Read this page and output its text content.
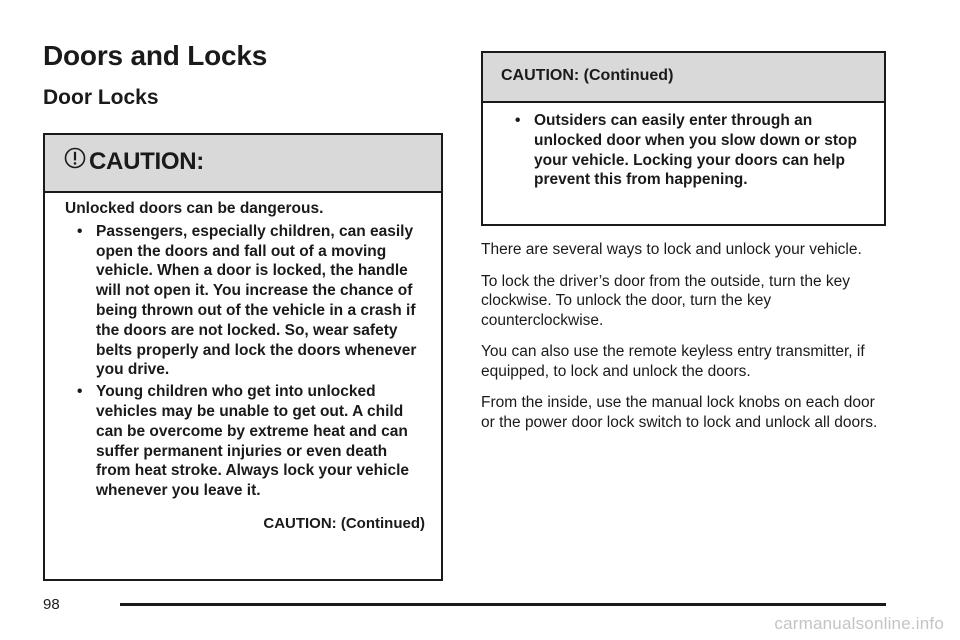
Doors and Locks
Door Locks
CAUTION:

Unlocked doors can be dangerous.

• Passengers, especially children, can easily open the doors and fall out of a moving vehicle. When a door is locked, the handle will not open it. You increase the chance of being thrown out of the vehicle in a crash if the doors are not locked. So, wear safety belts properly and lock the doors whenever you drive.
• Young children who get into unlocked vehicles may be unable to get out. A child can be overcome by extreme heat and can suffer permanent injuries or even death from heat stroke. Always lock your vehicle whenever you leave it.
CAUTION: (Continued)
CAUTION: (Continued)
• Outsiders can easily enter through an unlocked door when you slow down or stop your vehicle. Locking your doors can help prevent this from happening.

There are several ways to lock and unlock your vehicle.

To lock the driver’s door from the outside, turn the key clockwise. To unlock the door, turn the key counterclockwise.

You can also use the remote keyless entry transmitter, if equipped, to lock and unlock the doors.

From the inside, use the manual lock knobs on each door or the power door lock switch to lock and unlock all doors.

98
carmanualsonline.info
